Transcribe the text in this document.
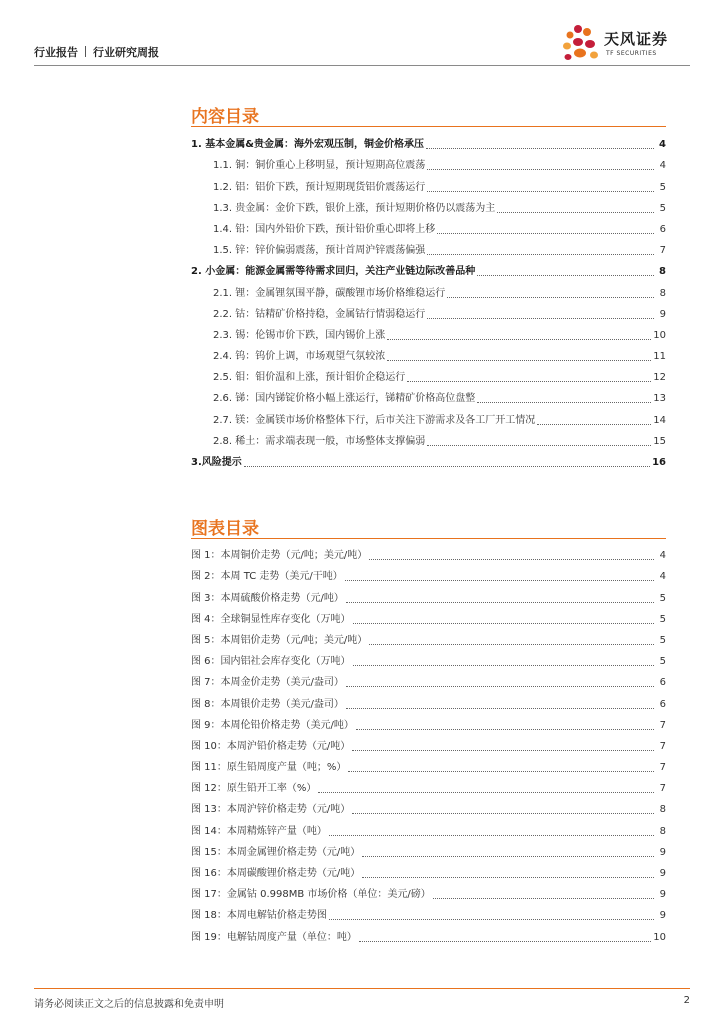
行业报告 行业研究周报
天风证券
TF SECURITIES
内容目录
1. 基本金属&贵金属：海外宏观压制，铜金价格承压	4
1.1. 铜：铜价重心上移明显，预计短期高位震荡	4
1.2. 铝：铝价下跌，预计短期现货铝价震荡运行	5
1.3. 贵金属：金价下跌，银价上涨，预计短期价格仍以震荡为主	5
1.4. 铅：国内外铅价下跌，预计铅价重心即将上移	6
1.5. 锌：锌价偏弱震荡，预计首周沪锌震荡偏强	7
2. 小金属：能源金属需等待需求回归，关注产业链边际改善品种	8
2.1. 锂：金属锂氛围平静，碳酸锂市场价格维稳运行	8
2.2. 钴：钴精矿价格持稳，金属钴行情弱稳运行	9
2.3. 锡：伦锡市价下跌，国内锡价上涨	10
2.4. 钨：钨价上调，市场观望气氛较浓	11
2.5. 钼：钼价温和上涨，预计钼价企稳运行	12
2.6. 锑：国内锑锭价格小幅上涨运行，锑精矿价格高位盘整	13
2.7. 镁：金属镁市场价格整体下行，后市关注下游需求及各工厂开工情况	14
2.8. 稀土：需求端表现一般，市场整体支撑偏弱	15
3.风险提示	16
图表目录
图 1：本周铜价走势（元/吨；美元/吨）	4
图 2：本周 TC 走势（美元/干吨）	4
图 3：本周硫酸价格走势（元/吨）	5
图 4：全球铜显性库存变化（万吨）	5
图 5：本周铝价走势（元/吨；美元/吨）	5
图 6：国内铝社会库存变化（万吨）	5
图 7：本周金价走势（美元/盎司）	6
图 8：本周银价走势（美元/盎司）	6
图 9：本周伦铅价格走势（美元/吨）	7
图 10：本周沪铅价格走势（元/吨）	7
图 11：原生铅周度产量（吨；%）	7
图 12：原生铅开工率（%）	7
图 13：本周沪锌价格走势（元/吨）	8
图 14：本周精炼锌产量（吨）	8
图 15：本周金属锂价格走势（元/吨）	9
图 16：本周碳酸锂价格走势（元/吨）	9
图 17：金属钴 0.998MB 市场价格（单位：美元/磅）	9
图 18：本周电解钴价格走势图	9
图 19：电解钴周度产量（单位：吨）	10
请务必阅读正文之后的信息披露和免责申明	2
